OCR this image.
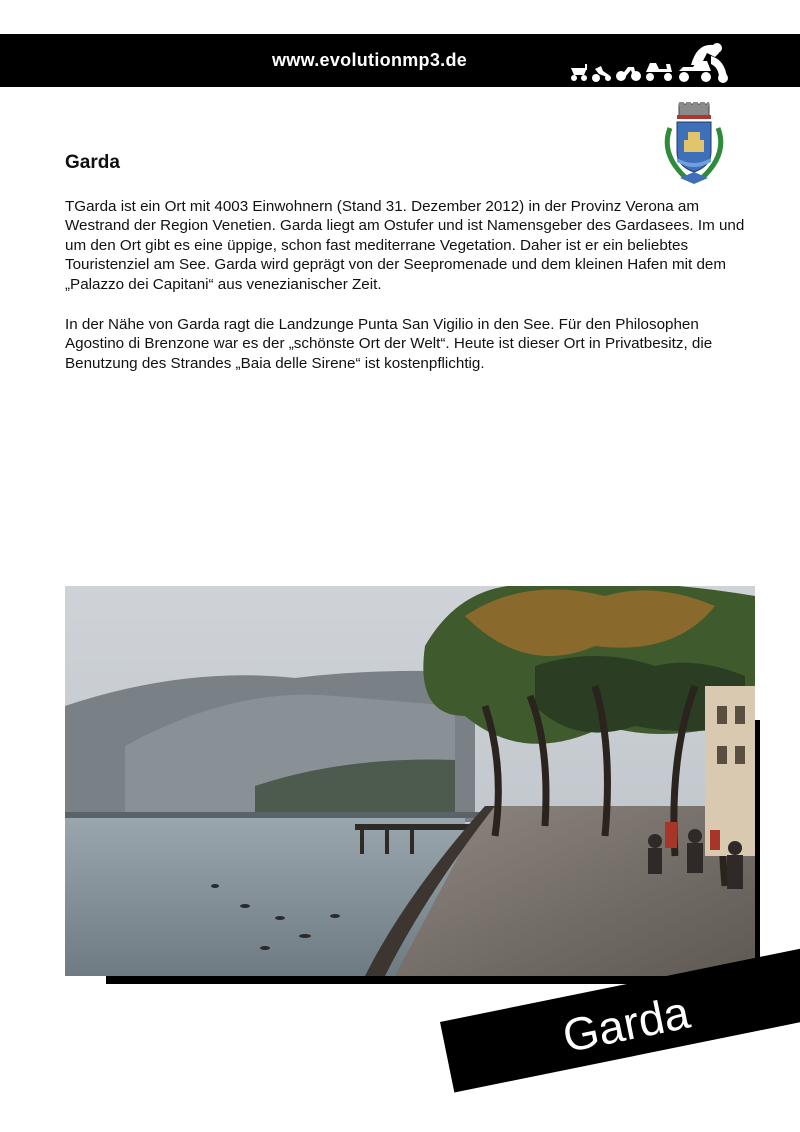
www.evolutionmp3.de
Garda

TGarda ist ein Ort mit 4003 Einwohnern (Stand 31. Dezember 2012) in der Provinz Verona am Westrand der Region Venetien. Garda liegt am Ostufer und ist Namensgeber des Gardasees. Im und um den Ort gibt es eine üppige, schon fast mediterrane Vegetation. Daher ist er ein beliebtes Touristenziel am See. Garda wird geprägt von der Seepromenade und dem kleinen Hafen mit dem „Palazzo dei Capitani“ aus venezianischer Zeit.

In der Nähe von Garda ragt die Landzunge Punta San Vigilio in den See. Für den Philosophen Agostino di Brenzone war es der „schönste Ort der Welt“. Heute ist dieser Ort in Privatbesitz, die Benutzung des Strandes „Baia delle Sirene“ ist kostenpflichtig.

Garda
